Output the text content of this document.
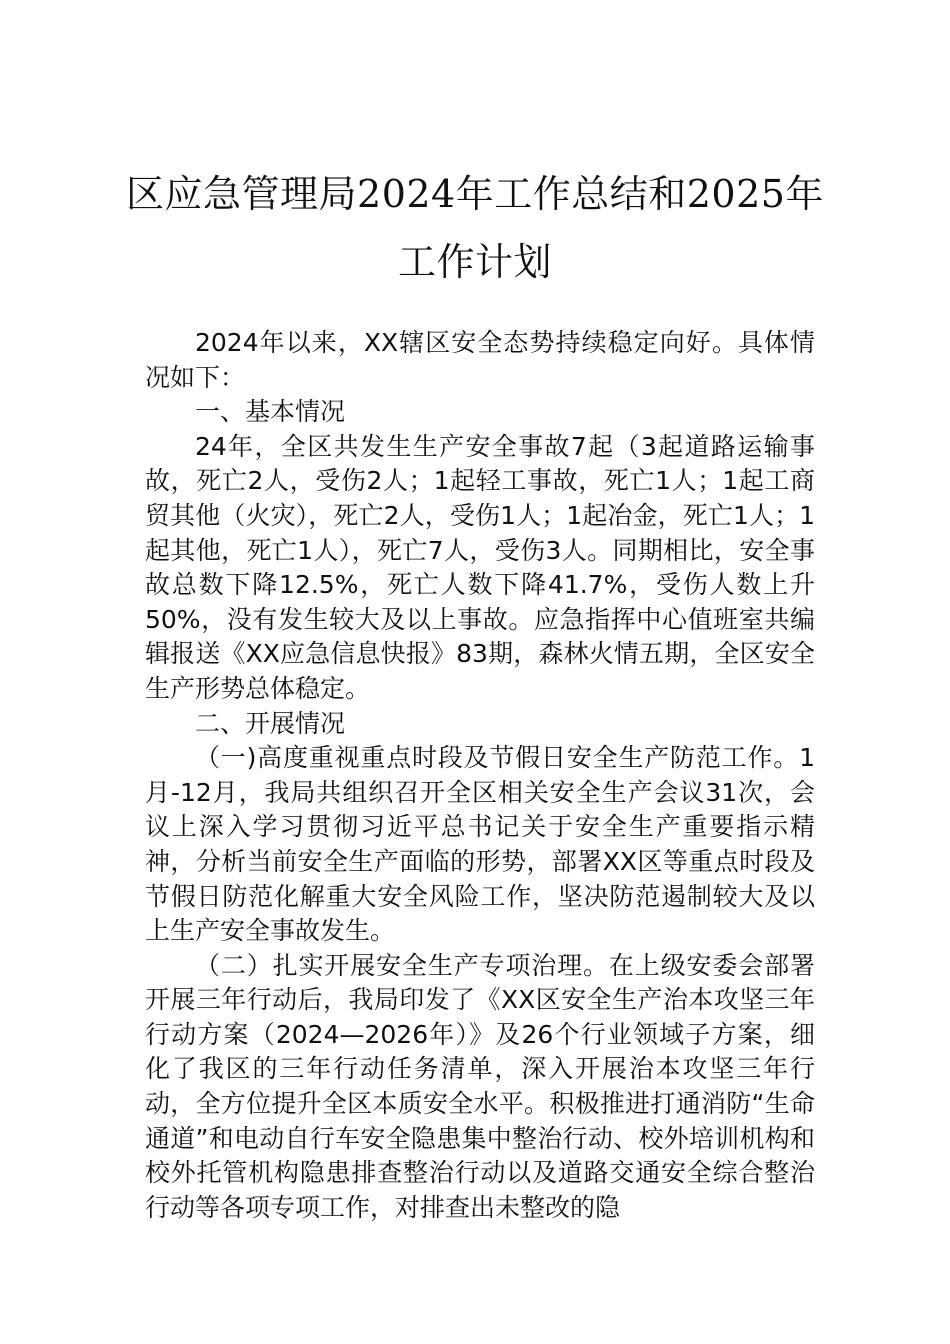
区应急管理局2024年工作总结和2025年工作计划

2024年以来，XX辖区安全态势持续稳定向好。具体情况如下：

一、基本情况

24年，全区共发生生产安全事故7起（3起道路运输事故，死亡2人，受伤2人；1起轻工事故，死亡1人；1起工商贸其他（火灾），死亡2人，受伤1人；1起冶金，死亡1人；1起其他，死亡1人），死亡7人，受伤3人。同期相比，安全事故总数下降12.5%，死亡人数下降41.7%，受伤人数上升50%，没有发生较大及以上事故。应急指挥中心值班室共编辑报送《XX应急信息快报》83期，森林火情五期，全区安全生产形势总体稳定。

二、开展情况

（一)高度重视重点时段及节假日安全生产防范工作。1月-12月，我局共组织召开全区相关安全生产会议31次，会议上深入学习贯彻习近平总书记关于安全生产重要指示精神，分析当前安全生产面临的形势，部署XX区等重点时段及节假日防范化解重大安全风险工作，坚决防范遏制较大及以上生产安全事故发生。

（二）扎实开展安全生产专项治理。在上级安委会部署开展三年行动后，我局印发了《XX区安全生产治本攻坚三年行动方案（2024—2026年）》及26个行业领域子方案，细化了我区的三年行动任务清单，深入开展治本攻坚三年行动，全方位提升全区本质安全水平。积极推进打通消防“生命通道”和电动自行车安全隐患集中整治行动、校外培训机构和校外托管机构隐患排查整治行动以及道路交通安全综合整治行动等各项专项工作，对排查出未整改的隐
